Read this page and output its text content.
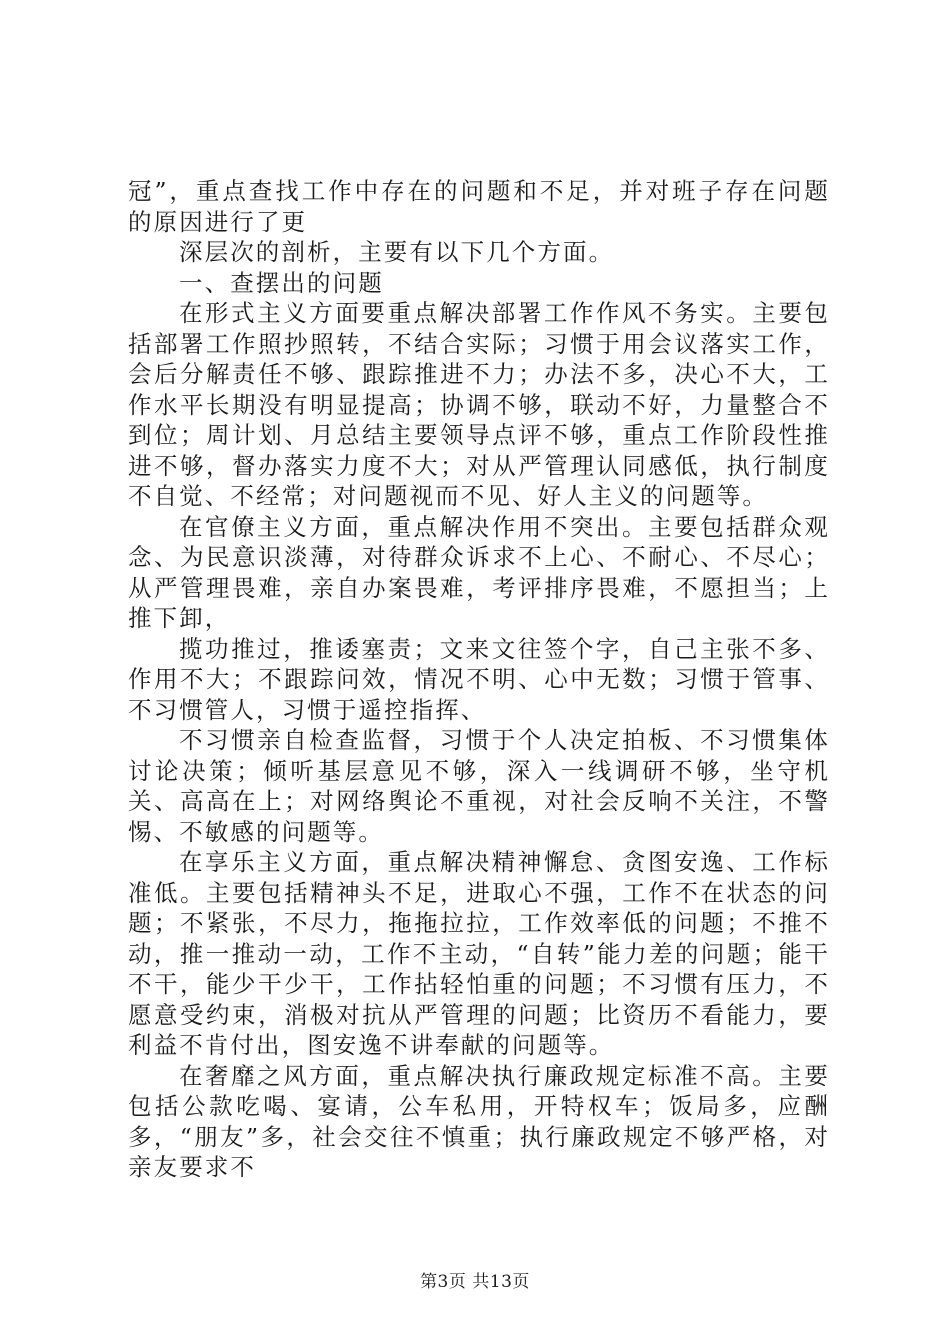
冠”，重点查找工作中存在的问题和不足，并对班子存在问题的原因进行了更

深层次的剖析，主要有以下几个方面。

一、查摆出的问题

在形式主义方面要重点解决部署工作作风不务实。主要包括部署工作照抄照转，不结合实际；习惯于用会议落实工作，会后分解责任不够、跟踪推进不力；办法不多，决心不大，工作水平长期没有明显提高；协调不够，联动不好，力量整合不到位；周计划、月总结主要领导点评不够，重点工作阶段性推进不够，督办落实力度不大；对从严管理认同感低，执行制度不自觉、不经常；对问题视而不见、好人主义的问题等。

在官僚主义方面，重点解决作用不突出。主要包括群众观念、为民意识淡薄，对待群众诉求不上心、不耐心、不尽心；从严管理畏难，亲自办案畏难，考评排序畏难，不愿担当；上推下卸，

揽功推过，推诿塞责；文来文往签个字，自己主张不多、作用不大；不跟踪问效，情况不明、心中无数；习惯于管事、不习惯管人，习惯于遥控指挥、

不习惯亲自检查监督，习惯于个人决定拍板、不习惯集体讨论决策；倾听基层意见不够，深入一线调研不够，坐守机关、高高在上；对网络舆论不重视，对社会反响不关注，不警惕、不敏感的问题等。

在享乐主义方面，重点解决精神懈怠、贪图安逸、工作标准低。主要包括精神头不足，进取心不强，工作不在状态的问题；不紧张，不尽力，拖拖拉拉，工作效率低的问题；不推不动，推一推动一动，工作不主动，“自转”能力差的问题；能干不干，能少干少干，工作拈轻怕重的问题；不习惯有压力，不愿意受约束，消极对抗从严管理的问题；比资历不看能力，要利益不肯付出，图安逸不讲奉献的问题等。

在奢靡之风方面，重点解决执行廉政规定标准不高。主要包括公款吃喝、宴请，公车私用，开特权车；饭局多，应酬多，“朋友”多，社会交往不慎重；执行廉政规定不够严格，对亲友要求不

第3页 共13页
